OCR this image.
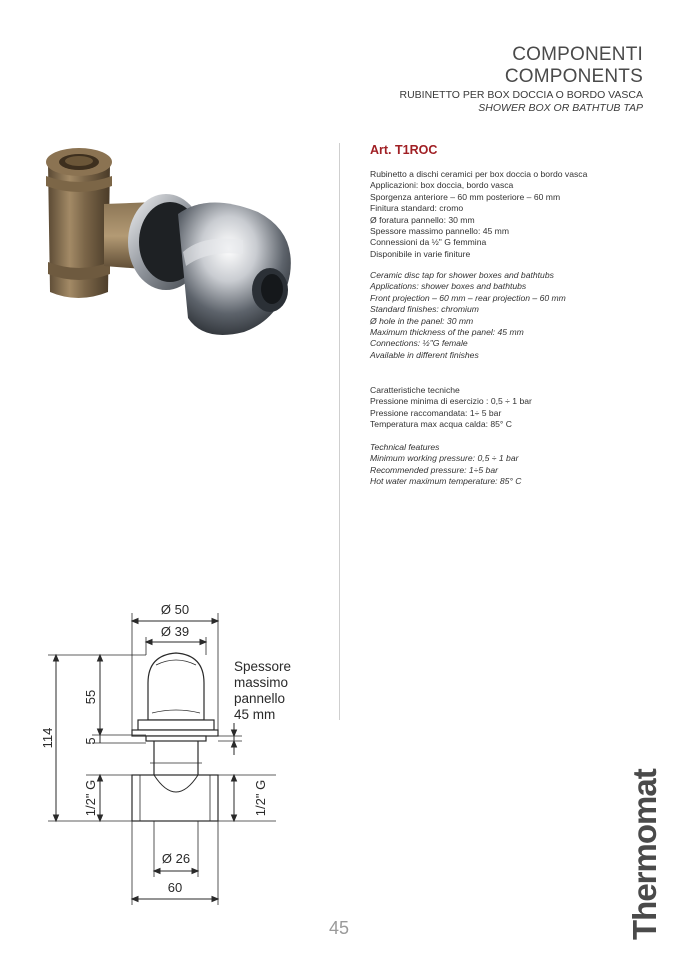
COMPONENTI
COMPONENTS
RUBINETTO PER BOX DOCCIA O BORDO VASCA
SHOWER BOX OR BATHTUB TAP
Art. T1ROC
Rubinetto a dischi ceramici per box doccia o bordo vasca
Applicazioni: box doccia, bordo vasca
Sporgenza anteriore – 60 mm posteriore – 60 mm
Finitura standard: cromo
Ø foratura pannello: 30 mm
Spessore massimo pannello: 45 mm
Connessioni da ½" G femmina
Disponibile in varie finiture
Ceramic disc tap for shower boxes and bathtubs
Applications: shower boxes and bathtubs
Front projection – 60 mm – rear projection – 60 mm
Standard finishes: chromium
Ø hole in the panel: 30 mm
Maximum thickness of the panel: 45 mm
Connections: ½"G female
Available in different finishes
Caratteristiche tecniche
Pressione minima di esercizio : 0,5 ÷ 1 bar
Pressione raccomandata: 1÷ 5 bar
Temperatura max acqua calda: 85° C
Technical features
Minimum working pressure: 0,5 ÷ 1 bar
Recommended pressure: 1÷5 bar
Hot water maximum temperature: 85° C
Ø 50
Ø 39
114
55
5
1/2" G	1/2" G
Ø 26
60
Spessore
massimo
pannello
45 mm
45	Thermomat
